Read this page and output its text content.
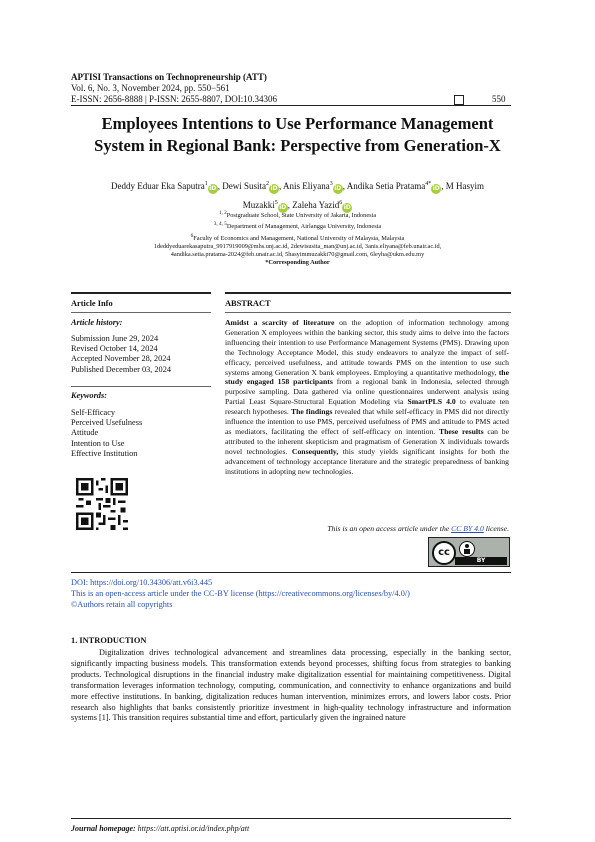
APTISI Transactions on Technopreneurship (ATT)
Vol. 6, No. 3, November 2024, pp. 550−561
E-ISSN: 2656-8888 | P-ISSN: 2655-8807, DOI:10.34306	550
Employees Intentions to Use Performance Management
System in Regional Bank: Perspective from Generation-X
Deddy Eduar Eka Saputra$^1$iD, Dewi Susita$^2$iD, Anis Eliyana$^3$iD, Andika Setia Pratama$^{4*}$iD, M Hasyim
Muzakki$^5$iD, Zaleha Yazid$^6$iD
$^{1, 2}$Postgraduate School, State University of Jakarta, Indonesia
$^{3, 4, 5}$Department of Management, Airlangga University, Indonesia
$^6$Faculty of Economics and Management, National University of Malaysia, Malaysia
1deddyeduarekasaputra_9917919009@mhs.unj.ac.id, 2dewisusita_man@unj.ac.id, 3anis.eliyana@feb.unair.ac.id,
4andika.setia.pratama-2024@feb.unair.ac.id, 5hasyimmuzakki70@gmail.com, 6leyha@ukm.edu.my
*Corresponding Author
Article Info
Article history:
Submission June 29, 2024
Revised October 14, 2024
Accepted November 28, 2024
Published December 03, 2024
Keywords:
Self-Efficacy
Perceived Usefulness
Attitude
Intention to Use
Effective Institution
ABSTRACT
Amidst a scarcity of literature on the adoption of information technology among Generation X employees within the banking sector, this study aims to delve into the factors influencing their intention to use Performance Management Systems (PMS). Drawing upon the Technology Acceptance Model, this study endeavors to analyze the impact of self-efficacy, perceived usefulness, and attitude towards PMS on the intention to use such systems among Generation X bank employees. Employing a quantitative methodology, the study engaged 158 participants from a regional bank in Indonesia, selected through purposive sampling. Data gathered via online questionnaires underwent analysis using Partial Least Square-Structural Equation Modeling via SmartPLS 4.0 to evaluate ten research hypotheses. The findings revealed that while self-efficacy in PMS did not directly influence the intention to use PMS, perceived usefulness of PMS and attitude to PMS acted as mediators, facilitating the effect of self-efficacy on intention. These results can be attributed to the inherent skepticism and pragmatism of Generation X individuals towards novel technologies. Consequently, this study yields significant insights for both the advancement of technology acceptance literature and the strategic preparedness of banking institutions in adopting new technologies.
This is an open access article under the CC BY 4.0 license.
cc
BY
DOI: https://doi.org/10.34306/att.v6i3.445
This is an open-access article under the CC-BY license (https://creativecommons.org/licenses/by/4.0/)
©Authors retain all copyrights
1. INTRODUCTION
Digitalization drives technological advancement and streamlines data processing, especially in the banking sector, significantly impacting business models. This transformation extends beyond processes, shifting focus from strategies to banking products. Technological disruptions in the financial industry make digitalization essential for maintaining competitiveness. Digital transformation leverages information technology, computing, communication, and connectivity to enhance organizations and build more effective institutions. In banking, digitalization reduces human intervention, minimizes errors, and lowers labor costs. Prior research also highlights that banks consistently prioritize investment in high-quality technology infrastructure and information systems [1]. This transition requires substantial time and effort, particularly given the ingrained nature
Journal homepage: https://att.aptisi.or.id/index.php/att
